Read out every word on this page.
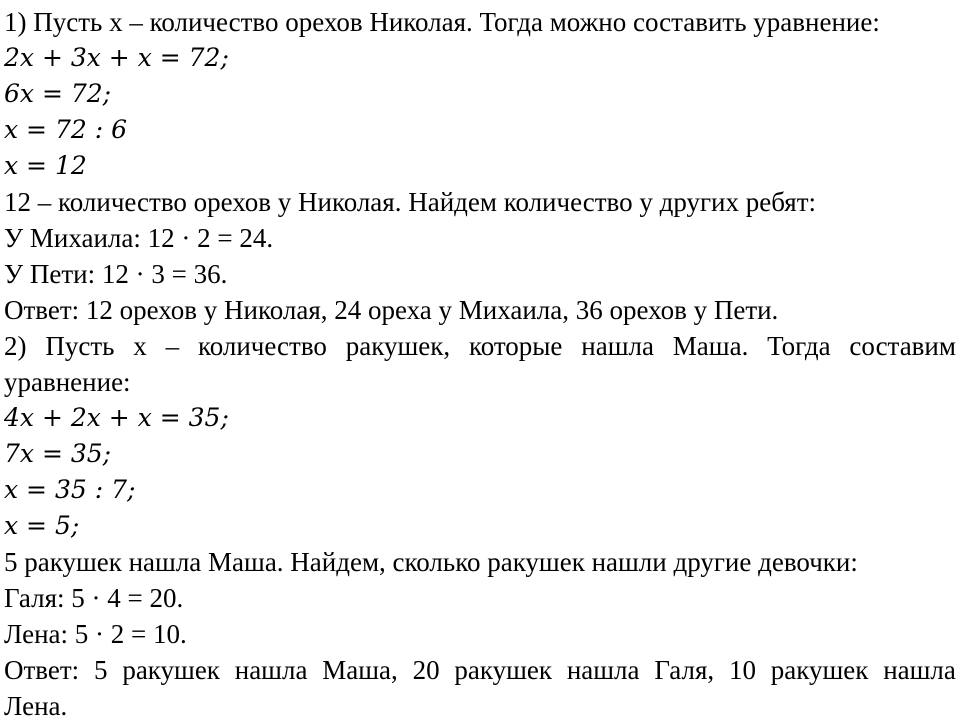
1) Пусть x – количество орехов Николая. Тогда можно составить уравнение:
2x + 3x + x = 72;
6x = 72;
x = 72 : 6
x = 12
12 – количество орехов у Николая. Найдем количество у других ребят:
У Михаила: 12 · 2 = 24.
У Пети: 12 · 3 = 36.
Ответ: 12 орехов у Николая, 24 ореха у Михаила, 36 орехов у Пети.
2) Пусть x – количество ракушек, которые нашла Маша. Тогда составим
уравнение:
4x + 2x + x = 35;
7x = 35;
x = 35 : 7;
x = 5;
5 ракушек нашла Маша. Найдем, сколько ракушек нашли другие девочки:
Галя: 5 · 4 = 20.
Лена: 5 · 2 = 10.
Ответ: 5 ракушек нашла Маша, 20 ракушек нашла Галя, 10 ракушек нашла
Лена.
